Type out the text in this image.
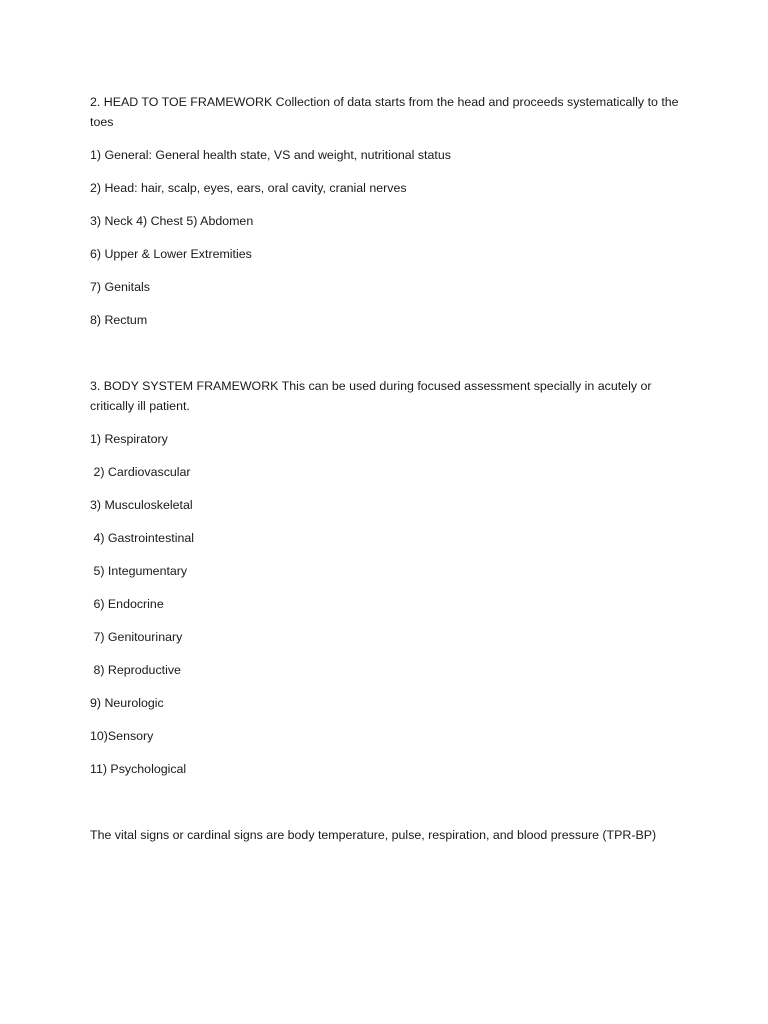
2. HEAD TO TOE FRAMEWORK Collection of data starts from the head and proceeds systematically to the toes

1) General: General health state, VS and weight, nutritional status

2) Head: hair, scalp, eyes, ears, oral cavity, cranial nerves

3) Neck 4) Chest 5) Abdomen

6) Upper & Lower Extremities

7) Genitals

8) Rectum

3. BODY SYSTEM FRAMEWORK This can be used during focused assessment specially in acutely or critically ill patient.

1) Respiratory

2) Cardiovascular

3) Musculoskeletal

4) Gastrointestinal

5) Integumentary

6) Endocrine

7) Genitourinary

8) Reproductive

9) Neurologic

10)Sensory

11) Psychological

The vital signs or cardinal signs are body temperature, pulse, respiration, and blood pressure (TPR-BP)
